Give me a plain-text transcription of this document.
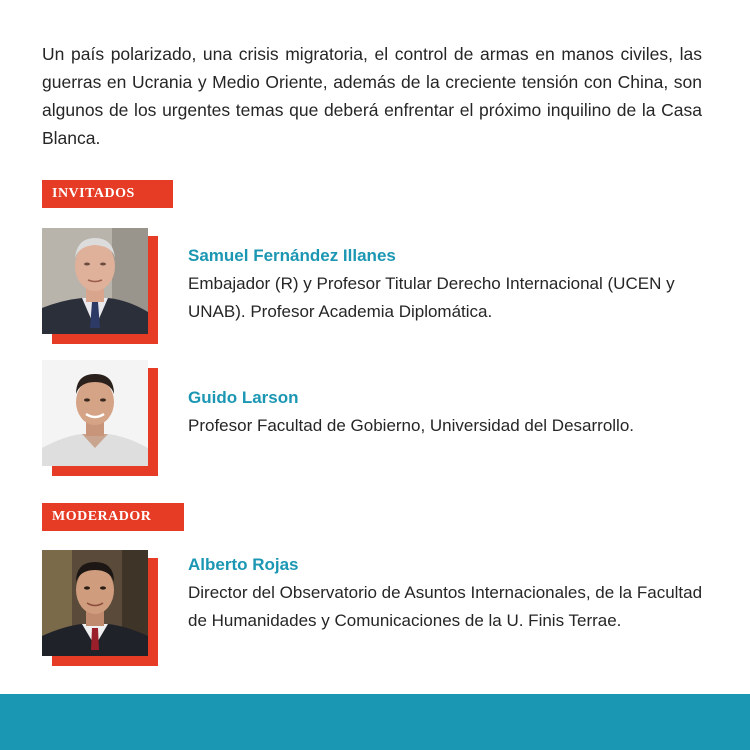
Un país polarizado, una crisis migratoria, el control de armas en manos civiles, las guerras en Ucrania y Medio Oriente, además de la creciente tensión con China, son algunos de los urgentes temas que deberá enfrentar el próximo inquilino de la Casa Blanca.

INVITADOS

Samuel Fernández Illanes

Embajador (R) y Profesor Titular Derecho Internacional (UCEN y UNAB). Profesor Academia Diplomática.

Guido Larson

Profesor Facultad de Gobierno, Universidad del Desarrollo.

MODERADOR

Alberto Rojas

Director del Observatorio de Asuntos Internacionales, de la Facultad de Humanidades y Comunicaciones de la U. Finis Terrae.
